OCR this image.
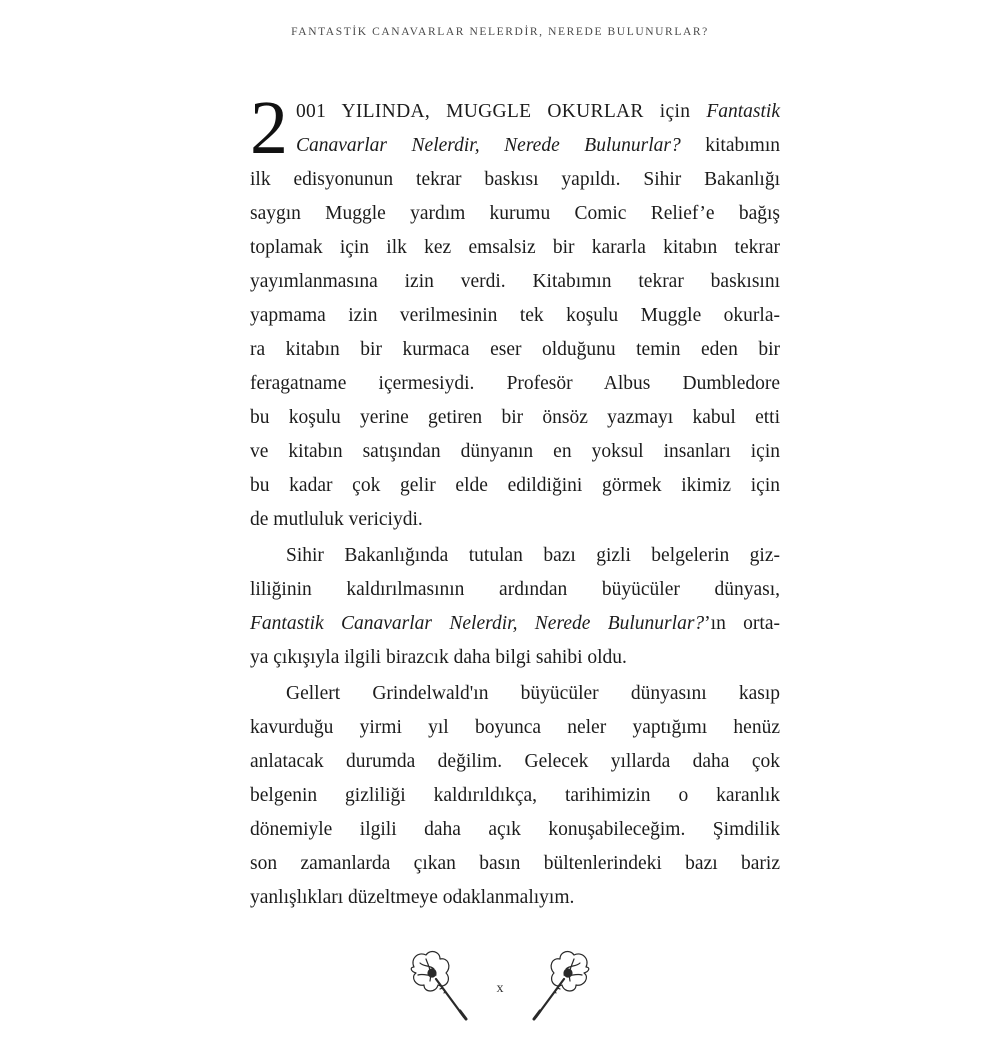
FANTASTİK CANAVARLAR NELERDİR, NEREDE BULUNURLAR?
2 001 YILINDA, MUGGLE OKURLAR için Fantastik
Canavarlar Nelerdir, Nerede Bulunurlar? kitabımın
ilk edisyonunun tekrar baskısı yapıldı. Sihir Bakanlığı
saygın Muggle yardım kurumu Comic Relief’e bağış
toplamak için ilk kez emsalsiz bir kararla kitabın tekrar
yayımlanmasına izin verdi. Kitabımın tekrar baskısını
yapmama izin verilmesinin tek koşulu Muggle okurla-
ra kitabın bir kurmaca eser olduğunu temin eden bir
feragatname içermesiydi. Profesör Albus Dumbledore
bu koşulu yerine getiren bir önsöz yazmayı kabul etti
ve kitabın satışından dünyanın en yoksul insanları için
bu kadar çok gelir elde edildiğini görmek ikimiz için
de mutluluk vericiydi.
Sihir Bakanlığında tutulan bazı gizli belgelerin giz-
liliğinin kaldırılmasının ardından büyücüler dünyası,
Fantastik Canavarlar Nelerdir, Nerede Bulunurlar?’ın orta-
ya çıkışıyla ilgili birazcık daha bilgi sahibi oldu.
Gellert Grindelwald'ın büyücüler dünyasını kasıp
kavurduğu yirmi yıl boyunca neler yaptığımı henüz
anlatacak durumda değilim. Gelecek yıllarda daha çok
belgenin gizliliği kaldırıldıkça, tarihimizin o karanlık
dönemiyle ilgili daha açık konuşabileceğim. Şimdilik
son zamanlarda çıkan basın bültenlerindeki bazı bariz
yanlışlıkları düzeltmeye odaklanmalıyım.
x
